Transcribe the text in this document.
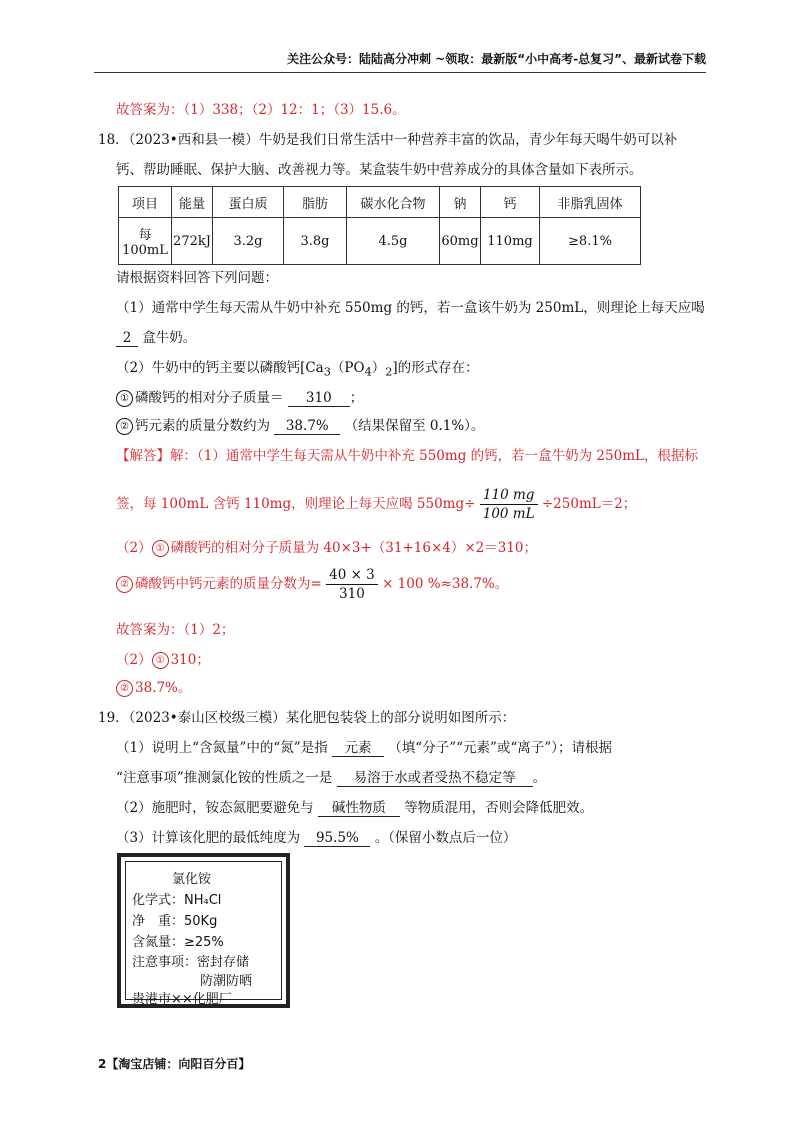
关注公众号：陆陆高分冲刺 ~领取：最新版“小中高考-总复习”、最新试卷下载
故答案为：（1）338；（2）12：1；（3）15.6。
18．（2023•西和县一模）牛奶是我们日常生活中一种营养丰富的饮品，青少年每天喝牛奶可以补
钙、帮助睡眠、保护大脑、改善视力等。某盒装牛奶中营养成分的具体含量如下表所示。
项目	能量	蛋白质	脂肪	碳水化合物	钠	钙	非脂乳固体
每
100mL	272kJ	3.2g	3.8g	4.5g	60mg	110mg	≥8.1%
请根据资料回答下列问题：
（1）通常中学生每天需从牛奶中补充 550mg 的钙，若一盒该牛奶为 250mL，则理论上每天应喝
2 盒牛奶。
（2）牛奶中的钙主要以磷酸钙$[Ca_3(PO_4)_2]$的形式存在：
① 磷酸钙的相对分子质量＝ 310 ；
② 钙元素的质量分数约为 38.7% （结果保留至 0.1%）。
【解答】解：（1）通常中学生每天需从牛奶中补充 550mg 的钙，若一盒牛奶为 250mL，根据标
签，每 100mL 含钙 110mg，则理论上每天应喝 $550mg\div \frac{110 mg}{100 mL} \div 250mL=2$；
（2） ① 磷酸钙的相对分子质量为 40×3+（31+16×4）×2＝310；
② 磷酸钙中钙元素的质量分数为= $\frac{40 \times 3}{310} \times 100$ %≈38.7%。
故答案为：（1）2；
（2） ① 310；
② 38.7%。
19．（2023•泰山区校级三模）某化肥包装袋上的部分说明如图所示：
（1）说明上“含氮量”中的“氮”是指 元素 （填“分子”“元素”或“离子”）；请根据
“注意事项”推测氯化铵的性质之一是 易溶于水或者受热不稳定等 。
（2）施肥时，铵态氮肥要避免与 碱性物质 等物质混用，否则会降低肥效。
（3）计算该化肥的最低纯度为 95.5% 。（保留小数点后一位）
氯化铵
化学式：NH₄Cl
净　重：50Kg
含氮量：≥25%
注意事项：密封存储
防潮防晒
贵港市××化肥厂
2【淘宝店铺：向阳百分百】
